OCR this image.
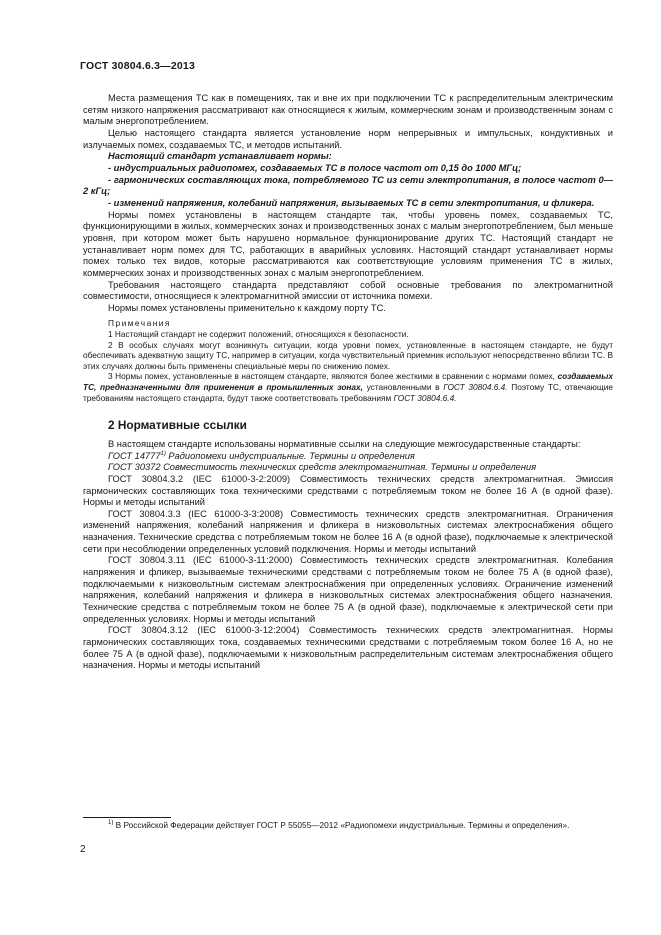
ГОСТ 30804.6.3—2013

Места размещения ТС как в помещениях, так и вне их при подключении ТС к распределительным электрическим сетям низкого напряжения рассматривают как относящиеся к жилым, коммерческим зонам и производственным зонам с малым энергопотреблением.

Целью настоящего стандарта является установление норм непрерывных и импульсных, кондуктивных и излучаемых помех, создаваемых ТС, и методов испытаний.

Настоящий стандарт устанавливает нормы:

- индустриальных радиопомех, создаваемых ТС в полосе частот от 0,15 до 1000 МГц;

- гармонических составляющих тока, потребляемого ТС из сети электропитания, в полосе частот 0—2 кГц;

- изменений напряжения, колебаний напряжения, вызываемых ТС в сети электропитания, и фликера.

Нормы помех установлены в настоящем стандарте так, чтобы уровень помех, создаваемых ТС, функционирующими в жилых, коммерческих зонах и производственных зонах с малым энергопотреблением, был меньше уровня, при котором может быть нарушено нормальное функционирование других ТС. Настоящий стандарт не устанавливает норм помех для ТС, работающих в аварийных условиях. Настоящий стандарт устанавливает нормы помех только тех видов, которые рассматриваются как соответствующие условиям применения ТС в жилых, коммерческих зонах и производственных зонах с малым энергопотреблением.

Требования настоящего стандарта представляют собой основные требования по электромагнитной совместимости, относящиеся к электромагнитной эмиссии от источника помехи.

Нормы помех установлены применительно к каждому порту ТС.

Примечания

1 Настоящий стандарт не содержит положений, относящихся к безопасности.

2 В особых случаях могут возникнуть ситуации, когда уровни помех, установленные в настоящем стандарте, не будут обеспечивать адекватную защиту ТС, например в ситуации, когда чувствительный приемник используют непосредственно вблизи ТС. В этих случаях должны быть применены специальные меры по снижению помех.

3 Нормы помех, установленные в настоящем стандарте, являются более жесткими в сравнении с нормами помех, создаваемых ТС, предназначенными для применения в промышленных зонах, установленными в ГОСТ 30804.6.4. Поэтому ТС, отвечающие требованиям настоящего стандарта, будут также соответствовать требованиям ГОСТ 30804.6.4.

2 Нормативные ссылки

В настоящем стандарте использованы нормативные ссылки на следующие межгосударственные стандарты:

ГОСТ 14777$^{1)}$ Радиопомехи индустриальные. Термины и определения

ГОСТ 30372 Совместимость технических средств электромагнитная. Термины и определения

ГОСТ 30804.3.2 (IEC 61000-3-2:2009) Совместимость технических средств электромагнитная. Эмиссия гармонических составляющих тока техническими средствами с потребляемым током не более 16 А (в одной фазе). Нормы и методы испытаний

ГОСТ 30804.3.3 (IEC 61000-3-3:2008) Совместимость технических средств электромагнитная. Ограничения изменений напряжения, колебаний напряжения и фликера в низковольтных системах электроснабжения общего назначения. Технические средства с потребляемым током не более 16 А (в одной фазе), подключаемые к электрической сети при несоблюдении определенных условий подключения. Нормы и методы испытаний

ГОСТ 30804.3.11 (IEC 61000-3-11:2000) Совместимость технических средств электромагнитная. Колебания напряжения и фликер, вызываемые техническими средствами с потребляемым током не более 75 А (в одной фазе), подключаемыми к низковольтным системам электроснабжения при определенных условиях. Ограничение изменений напряжения, колебаний напряжения и фликера в низковольтных системах электроснабжения общего назначения. Технические средства с потребляемым током не более 75 А (в одной фазе), подключаемые к электрической сети при определенных условиях. Нормы и методы испытаний

ГОСТ 30804.3.12 (IEC 61000-3-12:2004) Совместимость технических средств электромагнитная. Нормы гармонических составляющих тока, создаваемых техническими средствами с потребляемым током более 16 А, но не более 75 А (в одной фазе), подключаемыми к низковольтным распределительным системам электроснабжения общего назначения. Нормы и методы испытаний

$^{1)}$ В Российской Федерации действует ГОСТ Р 55055—2012 «Радиопомехи индустриальные. Термины и определения».
2
